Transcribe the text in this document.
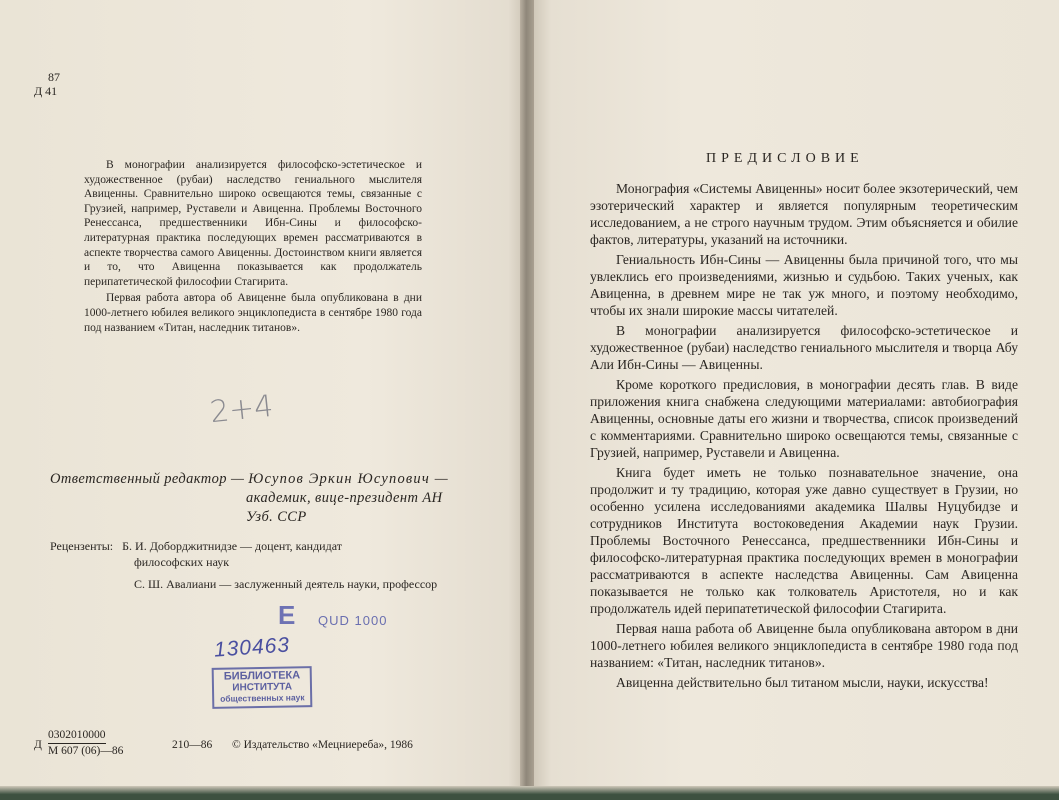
87
Д 41

В монографии анализируется философско-эстетическое и художественное (рубаи) наследство гениального мыслителя Авиценны. Сравнительно широко освещаются темы, связанные с Грузией, например, Руставели и Авиценна. Проблемы Восточного Ренессанса, предшественники Ибн-Сины и философско-литературная практика последующих времен рассматриваются в аспекте творчества самого Авиценны. Достоинством книги является и то, что Авиценна показывается как продолжатель перипатетической философии Стагирита.

Первая работа автора об Авиценне была опубликована в дни 1000-летнего юбилея великого энциклопедиста в сентябре 1980 года под названием «Титан, наследник титанов».

2+4
Ответственный редактор — Юсупов Эркин Юсупович —
академик, вице-президент АН
Узб. ССР
Рецензенты: Б. И. Доборджитнидзе — доцент, кандидат
философских наук
С. Ш. Авалиани — заслуженный деятель науки, профессор
E QUD 1000
130463
БИБЛИОТЕКА
ИНСТИТУТА
общественных наук
Д
0302010000
М 607 (06)—86	210—86 © Издательство «Мецниереба», 1986
ПРЕДИСЛОВИЕ

Монография «Системы Авиценны» носит более экзотерический, чем эзотерический характер и является популярным теоретическим исследованием, а не строго научным трудом. Этим объясняется и обилие фактов, литературы, указаний на источники.

Гениальность Ибн-Сины — Авиценны была причиной того, что мы увлеклись его произведениями, жизнью и судьбою. Таких ученых, как Авиценна, в древнем мире не так уж много, и поэтому необходимо, чтобы их знали широкие массы читателей.

В монографии анализируется философско-эстетическое и художественное (рубаи) наследство гениального мыслителя и творца Абу Али Ибн-Сины — Авиценны.

Кроме короткого предисловия, в монографии десять глав. В виде приложения книга снабжена следующими материалами: автобиография Авиценны, основные даты его жизни и творчества, список произведений с комментариями. Сравнительно широко освещаются темы, связанные с Грузией, например, Руставели и Авиценна.

Книга будет иметь не только познавательное значение, она продолжит и ту традицию, которая уже давно существует в Грузии, но особенно усилена исследованиями академика Шалвы Нуцубидзе и сотрудников Института востоковедения Академии наук Грузии. Проблемы Восточного Ренессанса, предшественники Ибн-Сины и философско-литературная практика последующих времен в монографии рассматриваются в аспекте наследства Авиценны. Сам Авиценна показывается не только как толкователь Аристотеля, но и как продолжатель идей перипатетической философии Стагирита.

Первая наша работа об Авиценне была опубликована автором в дни 1000-летнего юбилея великого энциклопедиста в сентябре 1980 года под названием: «Титан, наследник титанов».

Авиценна действительно был титаном мысли, науки, искусства!
